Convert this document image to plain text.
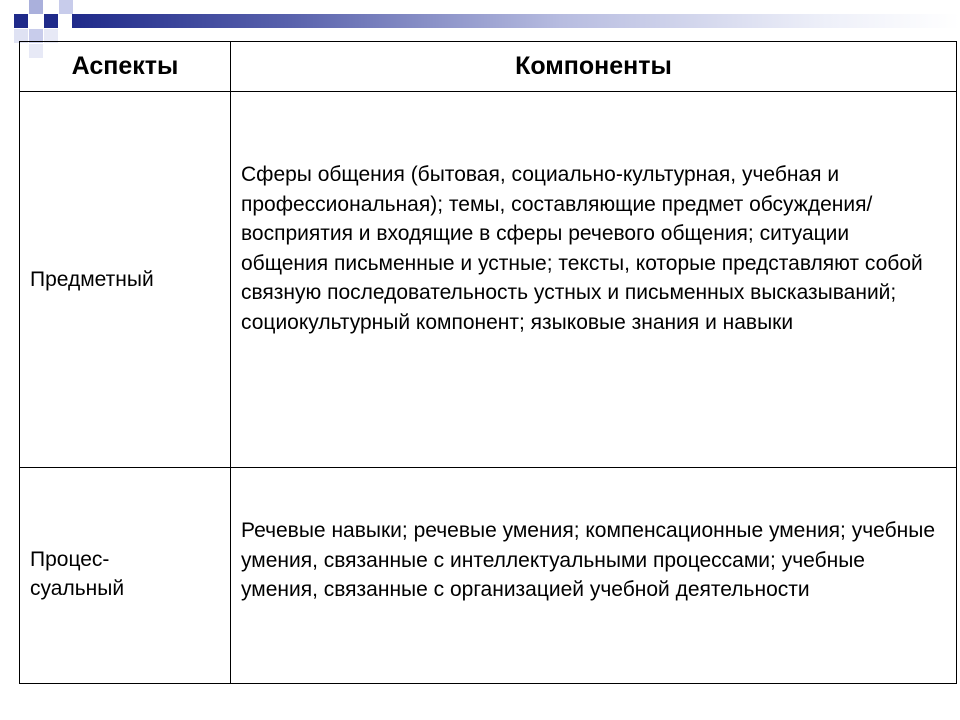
Аспекты	Компоненты
Предметный	Сферы общения (бытовая, социально-культурная, учебная и профессиональная); темы, составляющие предмет обсуждения/ восприятия и входящие в сферы речевого общения; ситуации общения письменные и устные; тексты, которые представляют собой связную последовательность устных и письменных высказываний; социокультурный компонент; языковые знания и навыки

Процес-
суальный	Речевые навыки; речевые умения; компенсационные умения; учебные умения, связанные с интеллектуальными процессами; учебные умения, связанные с организацией учебной деятельности
